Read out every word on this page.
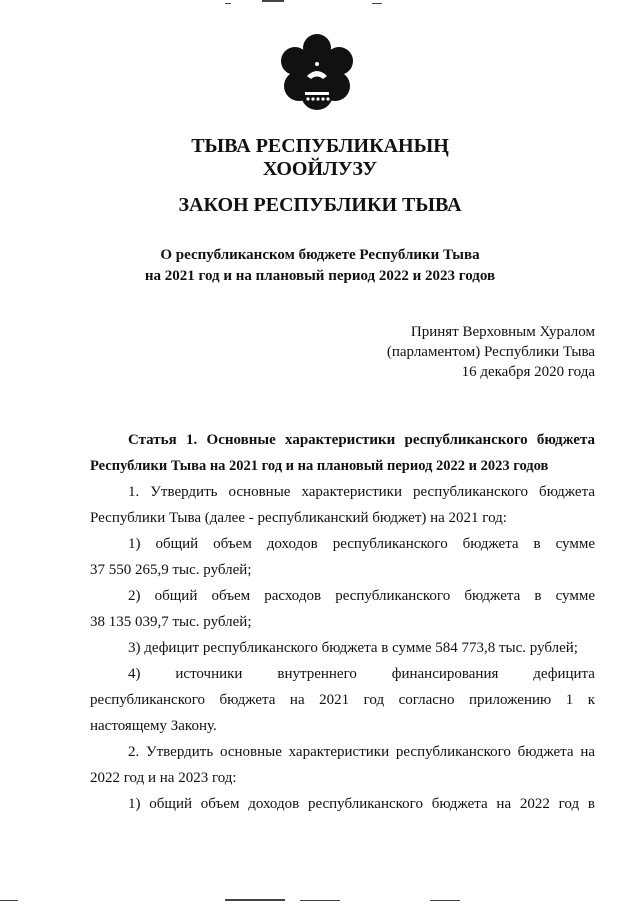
ТЫВА РЕСПУБЛИКАНЫҢ
ХООЙЛУЗУ
ЗАКОН РЕСПУБЛИКИ ТЫВА
О республиканском бюджете Республики Тыва
на 2021 год и на плановый период 2022 и 2023 годов
Принят Верховным Хуралом
(парламентом) Республики Тыва
16 декабря 2020 года

Статья 1. Основные характеристики республиканского бюджета

Республики Тыва на 2021 год и на плановый период 2022 и 2023 годов

1. Утвердить основные характеристики республиканского бюджета

Республики Тыва (далее - республиканский бюджет) на 2021 год:

1) общий объем доходов республиканского бюджета в сумме

37 550 265,9 тыс. рублей;

2) общий объем расходов республиканского бюджета в сумме

38 135 039,7 тыс. рублей;

3) дефицит республиканского бюджета в сумме 584 773,8 тыс. рублей;

4) источники внутреннего финансирования дефицита

республиканского бюджета на 2021 год согласно приложению 1 к

настоящему Закону.

2. Утвердить основные характеристики республиканского бюджета на

2022 год и на 2023 год:

1) общий объем доходов республиканского бюджета на 2022 год в
